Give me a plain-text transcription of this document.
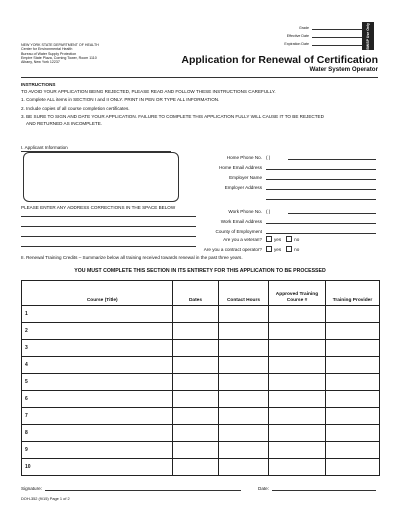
Grade
Effective Date
Expiration Date	BWSP Use Only
NEW YORK STATE DEPARTMENT OF HEALTH
Center for Environmental Health
Bureau of Water Supply Protection
Empire State Plaza, Corning Tower, Room 1110
Albany, New York 12237	Application for Renewal of Certification
Water System Operator
INSTRUCTIONS
TO AVOID YOUR APPLICATION BEING REJECTED, PLEASE READ AND FOLLOW THESE INSTRUCTIONS CAREFULLY.
1. Complete ALL items in SECTION I and II ONLY. PRINT IN PEN OR TYPE ALL INFORMATION.
2. Include copies of all course completion certificates.
3. BE SURE TO SIGN AND DATE YOUR APPLICATION. FAILURE TO COMPLETE THIS APPLICATION FULLY WILL CAUSE IT TO BE REJECTED
AND RETURNED AS INCOMPLETE.
I. Applicant Information
Home Phone No. ( )
Home Email Address
Employer Name
Employer Address
Work Phone No. ( )
Work Email Address
County of Employment
Are you a veteran?	yes	no
Are you a contract operator?	yes	no
PLEASE ENTER ANY ADDRESS CORRECTIONS IN THE SPACE BELOW
II. Renewal Training Credits – Summarize below all training received towards renewal in the past three years.
YOU MUST COMPLETE THIS SECTION IN ITS ENTIRETY FOR THIS APPLICATION TO BE PROCESSED
	Course (Title)	Dates	Contact Hours	Approved Training Course #	Training Provider
1					
2					
3					
4					
5					
6					
7					
8					
9					
10					
Signature:	Date:
DOH-352 (9/15) Page 1 of 2
